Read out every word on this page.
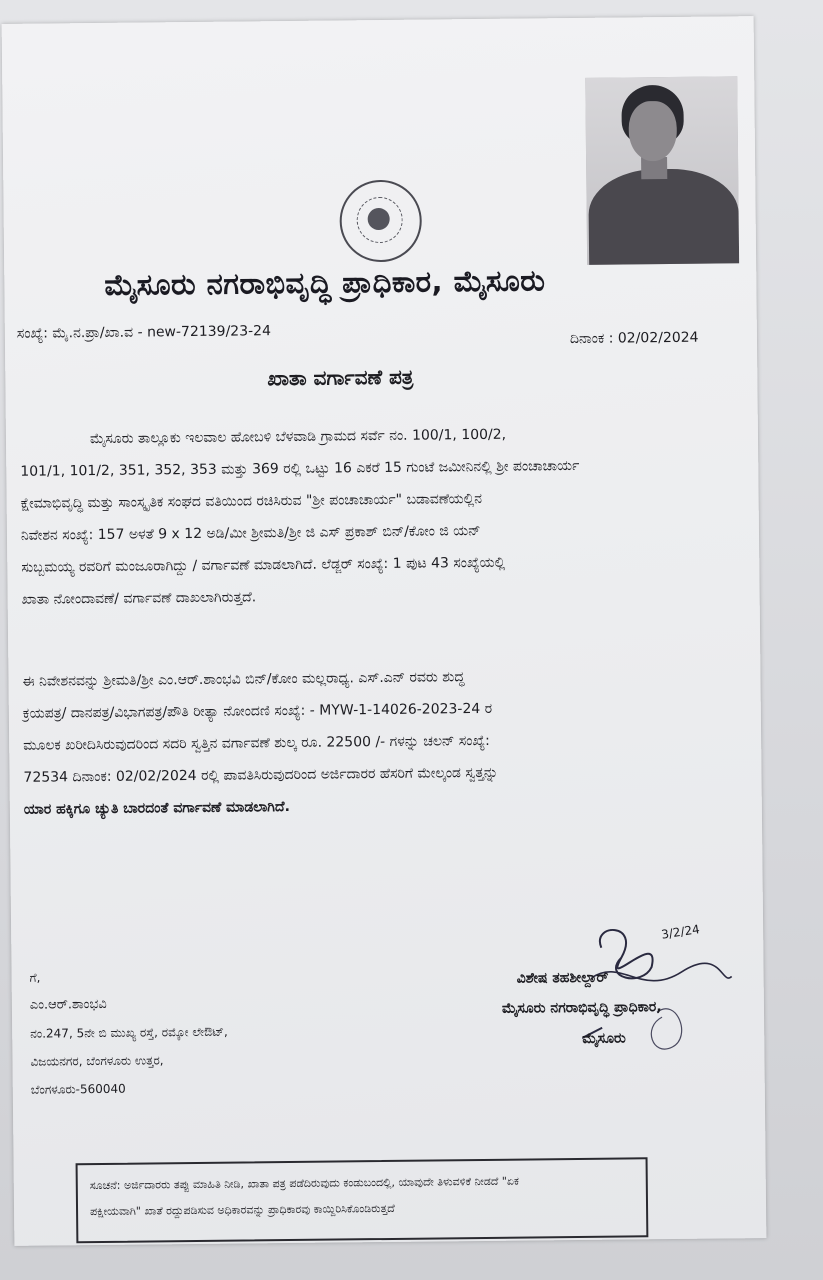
ಮೈಸೂರು ನಗರಾಭಿವೃದ್ಧಿ ಪ್ರಾಧಿಕಾರ, ಮೈಸೂರು
ಸಂಖ್ಯೆ: ಮೈ.ನ.ಪ್ರಾ/ಖಾ.ವ - new-72139/23-24	ದಿನಾಂಕ : 02/02/2024
ಖಾತಾ ವರ್ಗಾವಣೆ ಪತ್ರ
ಮೈಸೂರು ತಾಲ್ಲೂಕು ಇಲವಾಲ ಹೋಬಳಿ ಬೆಳವಾಡಿ ಗ್ರಾಮದ ಸರ್ವೆ ನಂ. 100/1, 100/2,
101/1, 101/2, 351, 352, 353 ಮತ್ತು 369 ರಲ್ಲಿ ಒಟ್ಟು 16 ಎಕರೆ 15 ಗುಂಟೆ ಜಮೀನಿನಲ್ಲಿ ಶ್ರೀ ಪಂಚಾಚಾರ್ಯ
ಕ್ಷೇಮಾಭಿವೃದ್ಧಿ ಮತ್ತು ಸಾಂಸ್ಕೃತಿಕ ಸಂಘದ ವತಿಯಿಂದ ರಚಿಸಿರುವ "ಶ್ರೀ ಪಂಚಾಚಾರ್ಯ" ಬಡಾವಣೆಯಲ್ಲಿನ
ನಿವೇಶನ ಸಂಖ್ಯೆ: 157 ಅಳತೆ 9 x 12 ಅಡಿ/ಮೀ ಶ್ರೀಮತಿ/ಶ್ರೀ ಜಿ ಎಸ್ ಪ್ರಕಾಶ್ ಬಿನ್/ಕೋಂ ಜಿ ಯನ್
ಸುಬ್ಬಮಯ್ಯ ರವರಿಗೆ ಮಂಜೂರಾಗಿದ್ದು / ವರ್ಗಾವಣೆ ಮಾಡಲಾಗಿದೆ. ಲೆಡ್ಜರ್ ಸಂಖ್ಯೆ: 1 ಪುಟ 43 ಸಂಖ್ಯೆಯಲ್ಲಿ
ಖಾತಾ ನೋಂದಾವಣೆ/ ವರ್ಗಾವಣೆ ದಾಖಲಾಗಿರುತ್ತದೆ.
ಈ ನಿವೇಶನವನ್ನು ಶ್ರೀಮತಿ/ಶ್ರೀ ಎಂ.ಆರ್.ಶಾಂಭವಿ ಬಿನ್/ಕೋಂ ಮಲ್ಲರಾಧ್ಯ. ಎಸ್.ಎನ್ ರವರು ಶುದ್ಧ
ಕ್ರಯಪತ್ರ/ ದಾನಪತ್ರ/ವಿಭಾಗಪತ್ರ/ಪೌತಿ ರೀತ್ಯಾ ನೋಂದಣಿ ಸಂಖ್ಯೆ: - MYW-1-14026-2023-24 ರ
ಮೂಲಕ ಖರೀದಿಸಿರುವುದರಿಂದ ಸದರಿ ಸ್ವತ್ತಿನ ವರ್ಗಾವಣೆ ಶುಲ್ಕ ರೂ. 22500 /- ಗಳನ್ನು ಚಲನ್ ಸಂಖ್ಯೆ:
72534 ದಿನಾಂಕ: 02/02/2024 ರಲ್ಲಿ ಪಾವತಿಸಿರುವುದರಿಂದ ಅರ್ಜಿದಾರರ ಹೆಸರಿಗೆ ಮೇಲ್ಕಂಡ ಸ್ವತ್ತನ್ನು
ಯಾರ ಹಕ್ಕಿಗೂ ಚ್ಯುತಿ ಬಾರದಂತೆ ವರ್ಗಾವಣೆ ಮಾಡಲಾಗಿದೆ.
3/2/24
ವಿಶೇಷ ತಹಶೀಲ್ದಾರ್
ಮೈಸೂರು ನಗರಾಭಿವೃದ್ಧಿ ಪ್ರಾಧಿಕಾರ,
ಮೈಸೂರು
ಗೆ,
ಎಂ.ಆರ್.ಶಾಂಭವಿ
ನಂ.247, 5ನೇ ಬಿ ಮುಖ್ಯ ರಸ್ತೆ, ರಮ್ಕೋ ಲೇಔಟ್,
ವಿಜಯನಗರ, ಬೆಂಗಳೂರು ಉತ್ತರ,
ಬೆಂಗಳೂರು-560040
ಸೂಚನೆ: ಅರ್ಜಿದಾರರು ತಪ್ಪು ಮಾಹಿತಿ ನೀಡಿ, ಖಾತಾ ಪತ್ರ ಪಡೆದಿರುವುದು ಕಂಡುಬಂದಲ್ಲಿ, ಯಾವುದೇ ತಿಳುವಳಿಕೆ ನೀಡದೆ "ಏಕ
ಪಕ್ಷೀಯವಾಗಿ" ಖಾತೆ ರದ್ದುಪಡಿಸುವ ಅಧಿಕಾರವನ್ನು ಪ್ರಾಧಿಕಾರವು ಕಾಯ್ದಿರಿಸಿಕೊಂಡಿರುತ್ತದೆ
